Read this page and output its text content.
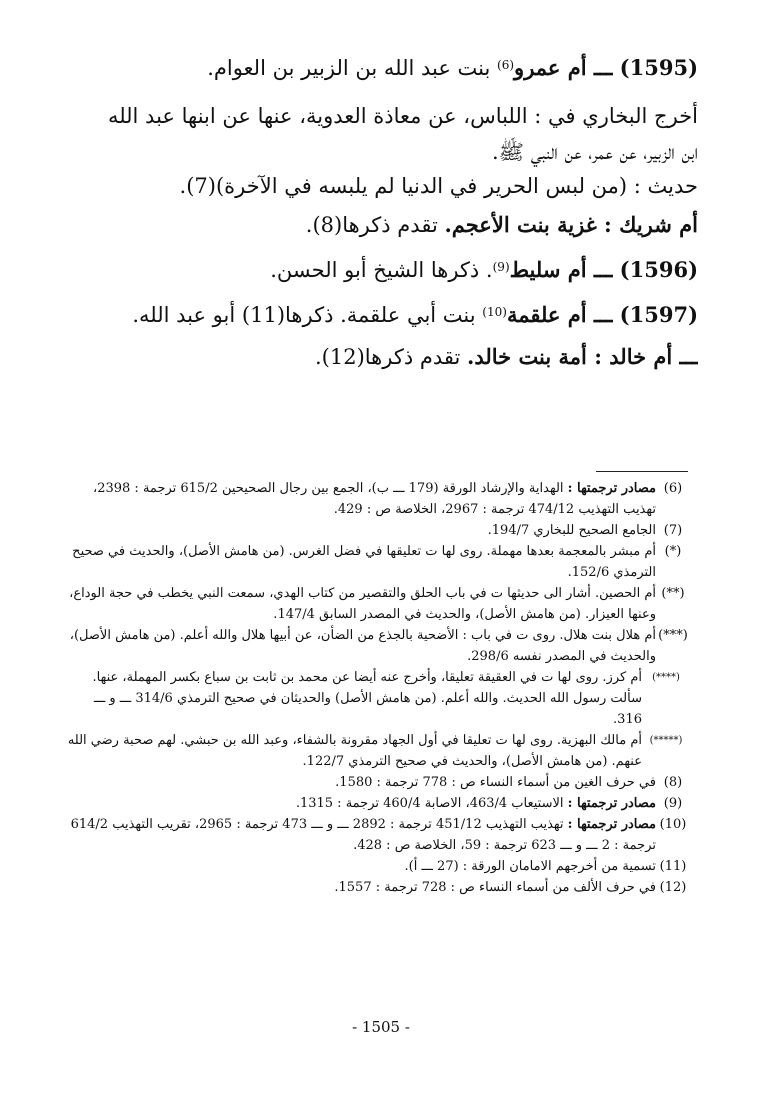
(1595) ـــ أم عمرو$^{(6)}$ بنت عبد الله بن الزبير بن العوام.

أخرج البخاري في : اللباس، عن معاذة العدوية، عنها عن ابنها عبد الله

ابن الزبير، عن عمر، عن النبي ﷺ.

حديث : (من لبس الحرير في الدنيا لم يلبسه في الآخرة)(7).

أم شريك : غزية بنت الأعجم. تقدم ذكرها(8).

(1596) ـــ أم سليط$^{(9)}$. ذكرها الشيخ أبو الحسن.

(1597) ـــ أم علقمة$^{(10)}$ بنت أبي علقمة. ذكرها(11) أبو عبد الله.

ـــ أم خالد : أمة بنت خالد. تقدم ذكرها(12).

(6)
مصادر ترجمتها : الهداية والإرشاد الورقة (179 ـــ ب)، الجمع بين رجال الصحيحين 615/2 ترجمة : 2398، تهذيب التهذيب 474/12 ترجمة : 2967، الخلاصة ص : 429.
(7)
الجامع الصحيح للبخاري 194/7.
(*)
أم مبشر بالمعجمة بعدها مهملة. روى لها ت تعليقها في فضل الغرس. (من هامش الأصل)، والحديث في صحيح الترمذي 152/6.
(**)
أم الحصين. أشار الى حديثها ت في باب الحلق والتقصير من كتاب الهدي، سمعت النبي يخطب في حجة الوداع، وعنها العيزار. (من هامش الأصل)، والحديث في المصدر السابق 147/4.
(***)
أم هلال بنت هلال. روى ت في باب : الأضحية بالجذع من الضأن، عن أبيها هلال والله أعلم. (من هامش الأصل)، والحديث في المصدر نفسه 298/6.
(****)
أم كرز. روى لها ت في العقيقة تعليقا، وأخرج عنه أيضا عن محمد بن ثابت بن سباع بكسر المهملة، عنها. سألت رسول الله الحديث. والله أعلم. (من هامش الأصل) والحديثان في صحيح الترمذي 314/6 ـــ و ـــ 316.
(*****)
أم مالك البهزية. روى لها ت تعليقا في أول الجهاد مقرونة بالشفاء، وعبد الله بن حبشي. لهم صحبة رضي الله عنهم. (من هامش الأصل)، والحديث في صحيح الترمذي 122/7.
(8)
في حرف الغين من أسماء النساء ص : 778 ترجمة : 1580.
(9)
مصادر ترجمتها : الاستيعاب 463/4، الاصابة 460/4 ترجمة : 1315.
(10)
مصادر ترجمتها : تهذيب التهذيب 451/12 ترجمة : 2892 ـــ و ـــ 473 ترجمة : 2965، تقريب التهذيب 614/2 ترجمة : 2 ـــ و ـــ 623 ترجمة : 59، الخلاصة ص : 428.
(11)
تسمية من أخرجهم الامامان الورقة : (27 ـــ أ).
(12)
في حرف الألف من أسماء النساء ص : 728 ترجمة : 1557.
- 1505 -
